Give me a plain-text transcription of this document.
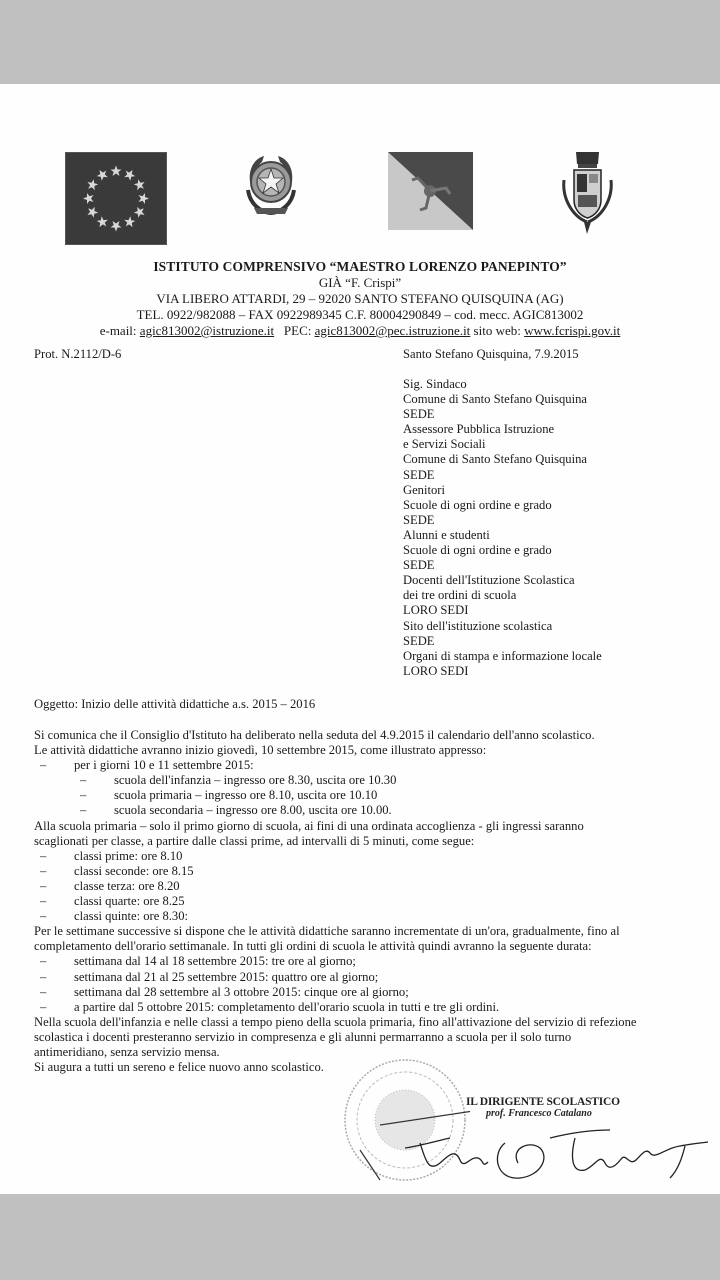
ISTITUTO COMPRENSIVO “MAESTRO LORENZO PANEPINTO”
GIÀ “F. Crispi”
VIA LIBERO ATTARDI, 29 – 92020 SANTO STEFANO QUISQUINA (AG)
TEL. 0922/982088 – FAX 0922989345 C.F. 80004290849 – cod. mecc. AGIC813002
e-mail: agic813002@istruzione.it PEC: agic813002@pec.istruzione.it sito web: www.fcrispi.gov.it
Prot. N.2112/D-6	Santo Stefano Quisquina, 7.9.2015
Sig. Sindaco
Comune di Santo Stefano Quisquina
SEDE
Assessore Pubblica Istruzione
e Servizi Sociali
Comune di Santo Stefano Quisquina
SEDE
Genitori
Scuole di ogni ordine e grado
SEDE
Alunni e studenti
Scuole di ogni ordine e grado
SEDE
Docenti dell'Istituzione Scolastica
dei tre ordini di scuola
LORO SEDI
Sito dell'istituzione scolastica
SEDE
Organi di stampa e informazione locale
LORO SEDI
Oggetto: Inizio delle attività didattiche a.s. 2015 – 2016
Si comunica che il Consiglio d'Istituto ha deliberato nella seduta del 4.9.2015 il calendario dell'anno scolastico.
Le attività didattiche avranno inizio giovedì, 10 settembre 2015, come illustrato appresso:
– per i giorni 10 e 11 settembre 2015:
– scuola dell'infanzia – ingresso ore 8.30, uscita ore 10.30
– scuola primaria – ingresso ore 8.10, uscita ore 10.10
– scuola secondaria – ingresso ore 8.00, uscita ore 10.00.
Alla scuola primaria – solo il primo giorno di scuola, ai fini di una ordinata accoglienza - gli ingressi saranno
scaglionati per classe, a partire dalle classi prime, ad intervalli di 5 minuti, come segue:
– classi prime: ore 8.10
– classi seconde: ore 8.15
– classe terza: ore 8.20
– classi quarte: ore 8.25
– classi quinte: ore 8.30:
Per le settimane successive si dispone che le attività didattiche saranno incrementate di un'ora, gradualmente, fino al
completamento dell'orario settimanale. In tutti gli ordini di scuola le attività quindi avranno la seguente durata:
– settimana dal 14 al 18 settembre 2015: tre ore al giorno;
– settimana dal 21 al 25 settembre 2015: quattro ore al giorno;
– settimana dal 28 settembre al 3 ottobre 2015: cinque ore al giorno;
– a partire dal 5 ottobre 2015: completamento dell'orario scuola in tutti e tre gli ordini.
Nella scuola dell'infanzia e nelle classi a tempo pieno della scuola primaria, fino all'attivazione del servizio di refezione
scolastica i docenti presteranno servizio in compresenza e gli alunni permarranno a scuola per il solo turno
antimeridiano, senza servizio mensa.
Si augura a tutti un sereno e felice nuovo anno scolastico.
IL DIRIGENTE SCOLASTICO
prof. Francesco Catalano
